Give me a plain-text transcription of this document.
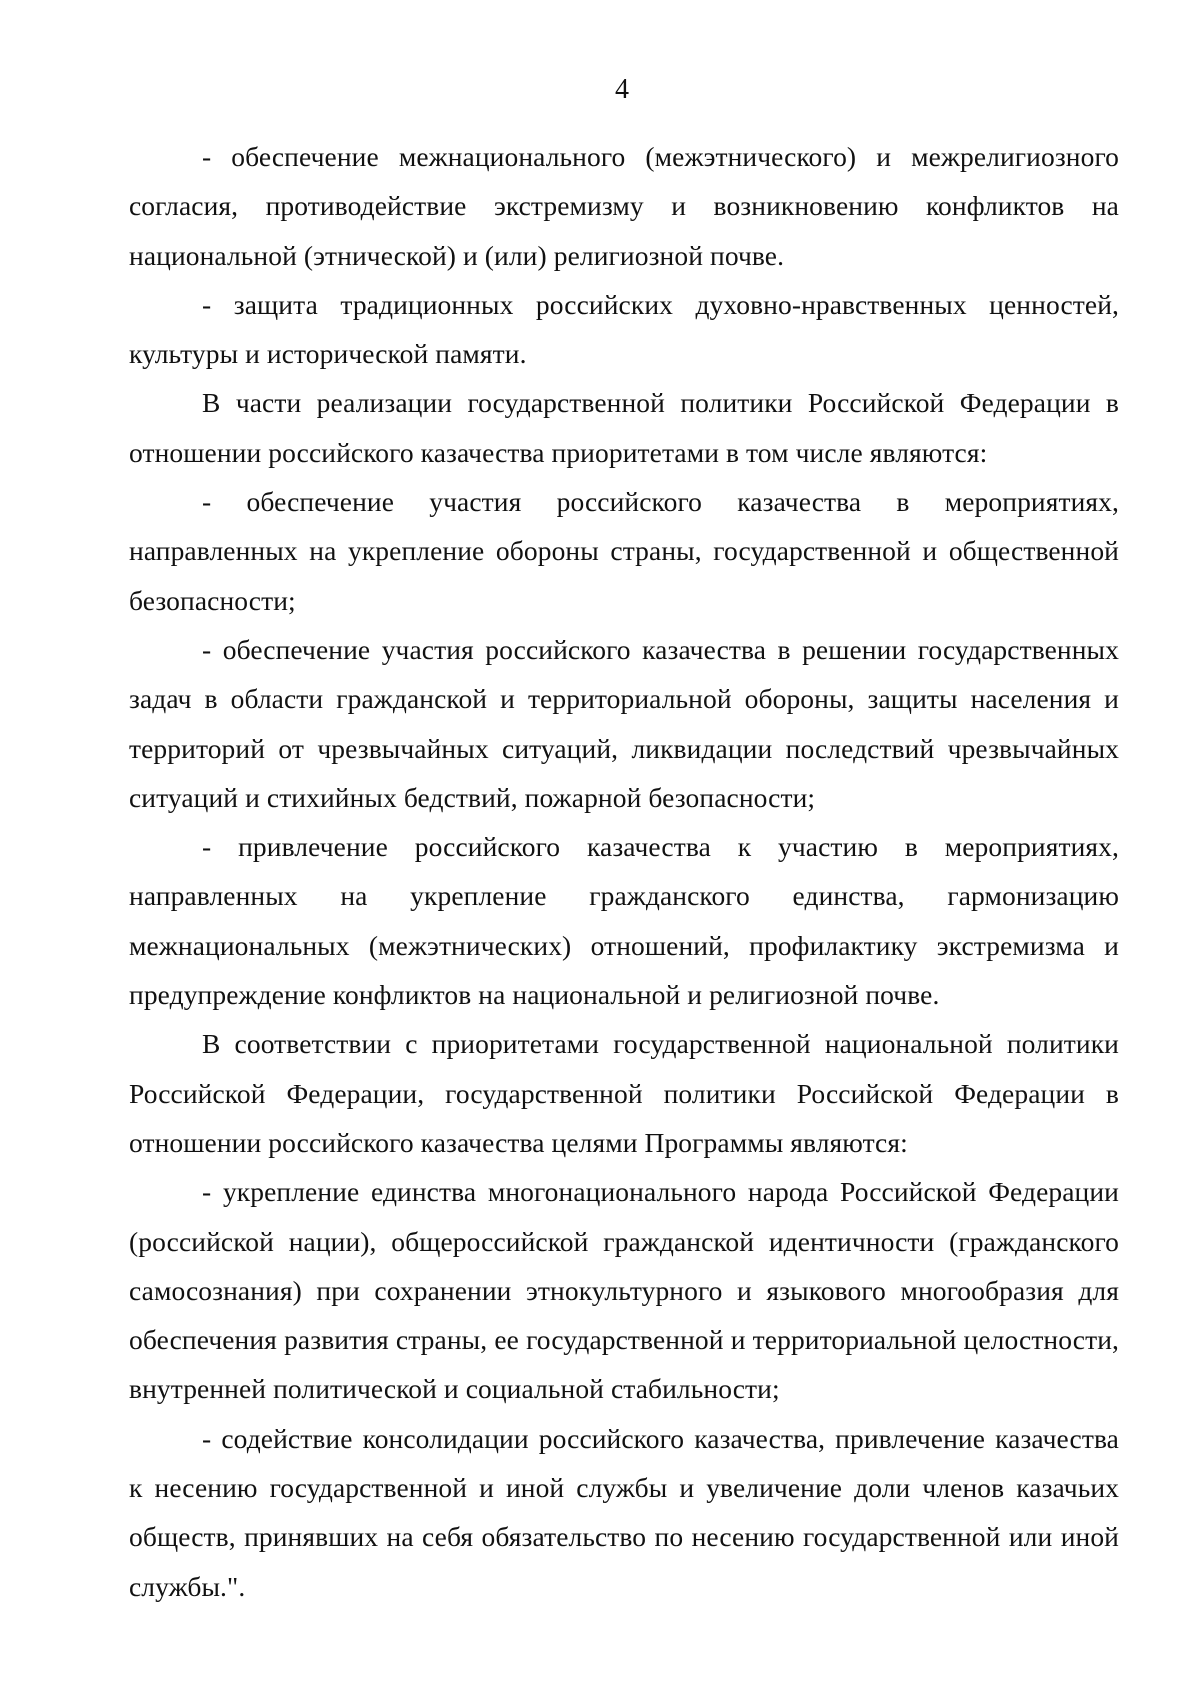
4

- обеспечение межнационального (межэтнического) и межрелигиозного согласия, противодействие экстремизму и возникновению конфликтов на национальной (этнической) и (или) религиозной почве.

- защита традиционных российских духовно-нравственных ценностей, культуры и исторической памяти.

В части реализации государственной политики Российской Федерации в отношении российского казачества приоритетами в том числе являются:

- обеспечение участия российского казачества в мероприятиях, направленных на укрепление обороны страны, государственной и общественной безопасности;

- обеспечение участия российского казачества в решении государственных задач в области гражданской и территориальной обороны, защиты населения и территорий от чрезвычайных ситуаций, ликвидации последствий чрезвычайных ситуаций и стихийных бедствий, пожарной безопасности;

- привлечение российского казачества к участию в мероприятиях, направленных на укрепление гражданского единства, гармонизацию межнациональных (межэтнических) отношений, профилактику экстремизма и предупреждение конфликтов на национальной и религиозной почве.

В соответствии с приоритетами государственной национальной политики Российской Федерации, государственной политики Российской Федерации в отношении российского казачества целями Программы являются:

- укрепление единства многонационального народа Российской Федерации (российской нации), общероссийской гражданской идентичности (гражданского самосознания) при сохранении этнокультурного и языкового многообразия для обеспечения развития страны, ее государственной и территориальной целостности, внутренней политической и социальной стабильности;

- содействие консолидации российского казачества, привлечение казачества к несению государственной и иной службы и увеличение доли членов казачьих обществ, принявших на себя обязательство по несению государственной или иной службы.".
